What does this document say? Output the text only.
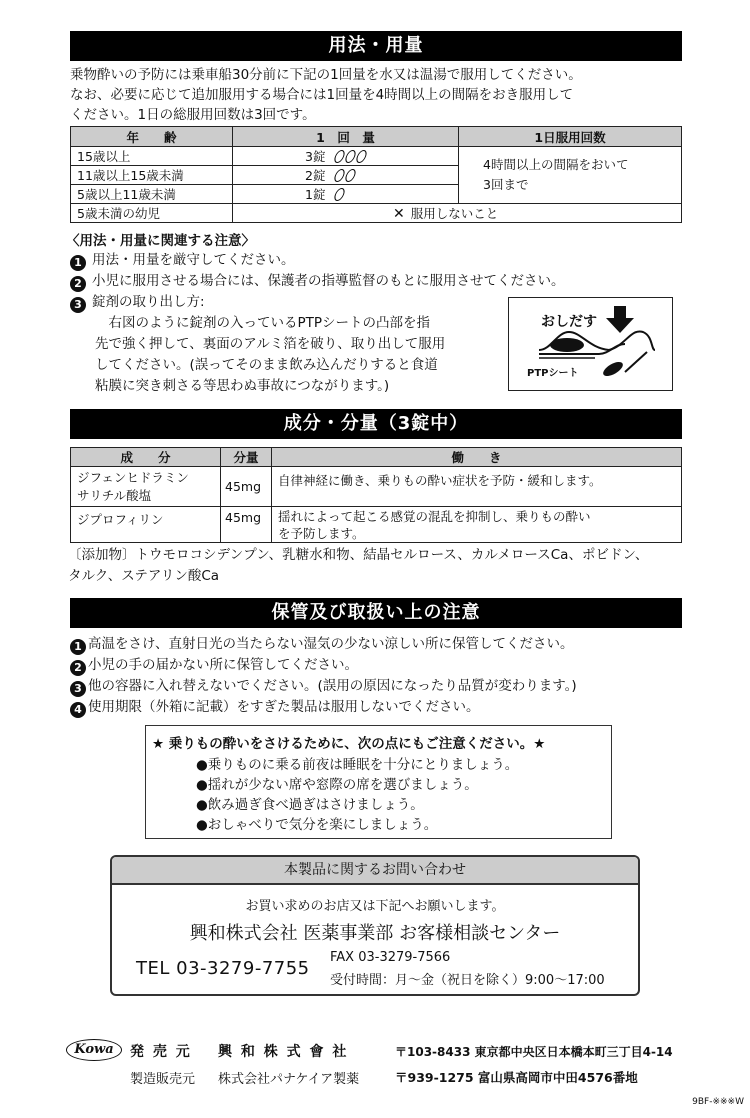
用法・用量
乗物酔いの予防には乗車船30分前に下記の1回量を水又は温湯で服用してください。
なお、必要に応じて追加服用する場合には1回量を4時間以上の間隔をおき服用して
ください。1日の総服用回数は3回です。
年　　齢	1　回　量	1日服用回数
15歳以上	3錠	4時間以上の間隔をおいて
3回まで

11歳以上15歳未満	2錠	
5歳以上11歳未満	1錠	
5歳未満の幼児	✕ 服用しないこと	
〈用法・用量に関連する注意〉
1 用法・用量を厳守してください。
2 小児に服用させる場合には、保護者の指導監督のもとに服用させてください。
3 錠剤の取り出し方:
　右図のように錠剤の入っているPTPシートの凸部を指
先で強く押して、裏面のアルミ箔を破り、取り出して服用
してください。(誤ってそのまま飲み込んだりすると食道
粘膜に突き刺さる等思わぬ事故につながります。)
おしだす
PTPシート
成分・分量（3錠中）
成　　分	分量	働　　き

ジフェンヒドラミン
サリチル酸塩	45mg	自律神経に働き、乗りもの酔い症状を予防・緩和します。

ジプロフィリン	45mg	揺れによって起こる感覚の混乱を抑制し、乗りもの酔い
を予防します。
〔添加物〕トウモロコシデンプン、乳糖水和物、結晶セルロース、カルメロースCa、ポビドン、
タルク、ステアリン酸Ca
保管及び取扱い上の注意
1 高温をさけ、直射日光の当たらない湿気の少ない涼しい所に保管してください。
2 小児の手の届かない所に保管してください。
3 他の容器に入れ替えないでください。(誤用の原因になったり品質が変わります。)
4 使用期限（外箱に記載）をすぎた製品は服用しないでください。
★ 乗りもの酔いをさけるために、次の点にもご注意ください。★
●乗りものに乗る前夜は睡眠を十分にとりましょう。
●揺れが少ない席や窓際の席を選びましょう。
●飲み過ぎ食べ過ぎはさけましょう。
●おしゃべりで気分を楽にしましょう。
本製品に関するお問い合わせ
お買い求めのお店又は下記へお願いします。
興和株式会社 医薬事業部 お客様相談センター
TEL 03-3279-7755
FAX 03-3279-7566
受付時間：月～金（祝日を除く）9:00～17:00
Kowa	発 売 元 興 和 株 式 會 社	〒103-8433 東京都中央区日本橋本町三丁目4-14
製造販売元 株式会社パナケイア製薬	〒939-1275 富山県高岡市中田4576番地
9BF-※※※W
